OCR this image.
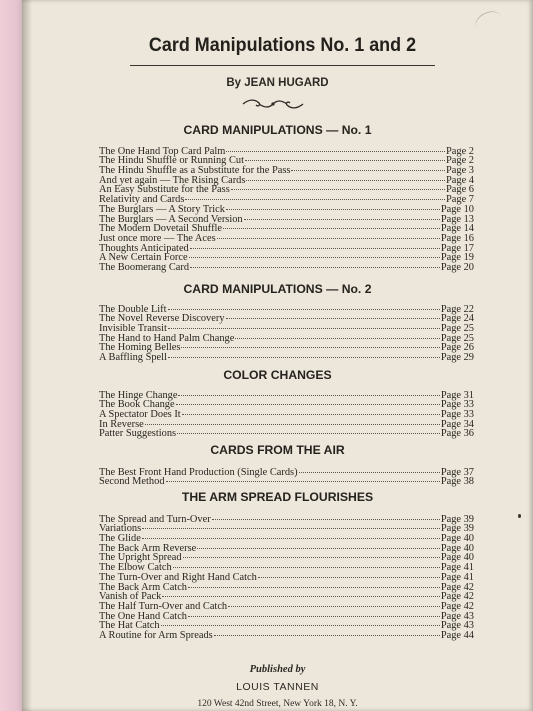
Card Manipulations No. 1 and 2
By JEAN HUGARD
CARD MANIPULATIONS — No. 1
The One Hand Top Card Palm	Page 2
The Hindu Shuffle or Running Cut	Page 2
The Hindu Shuffle as a Substitute for the Pass	Page 3
And yet again — The Rising Cards	Page 4
An Easy Substitute for the Pass	Page 6
Relativity and Cards	Page 7
The Burglars — A Story Trick	Page 10
The Burglars — A Second Version	Page 13
The Modern Dovetail Shuffle	Page 14
Just once more — The Aces	Page 16
Thoughts Anticipated	Page 17
A New Certain Force	Page 19
The Boomerang Card	Page 20
CARD MANIPULATIONS — No. 2
The Double Lift	Page 22
The Novel Reverse Discovery	Page 24
Invisible Transit	Page 25
The Hand to Hand Palm Change	Page 25
The Homing Belles	Page 26
A Baffling Spell	Page 29
COLOR CHANGES
The Hinge Change	Page 31
The Book Change	Page 33
A Spectator Does It	Page 33
In Reverse	Page 34
Patter Suggestions	Page 36
CARDS FROM THE AIR
The Best Front Hand Production (Single Cards)	Page 37
Second Method	Page 38
THE ARM SPREAD FLOURISHES
The Spread and Turn-Over	Page 39
Variations	Page 39
The Glide	Page 40
The Back Arm Reverse	Page 40
The Upright Spread	Page 40
The Elbow Catch	Page 41
The Turn-Over and Right Hand Catch	Page 41
The Back Arm Catch	Page 42
Vanish of Pack	Page 42
The Half Turn-Over and Catch	Page 42
The One Hand Catch	Page 43
The Hat Catch	Page 43
A Routine for Arm Spreads	Page 44
Published by
LOUIS TANNEN
120 West 42nd Street, New York 18, N. Y.
